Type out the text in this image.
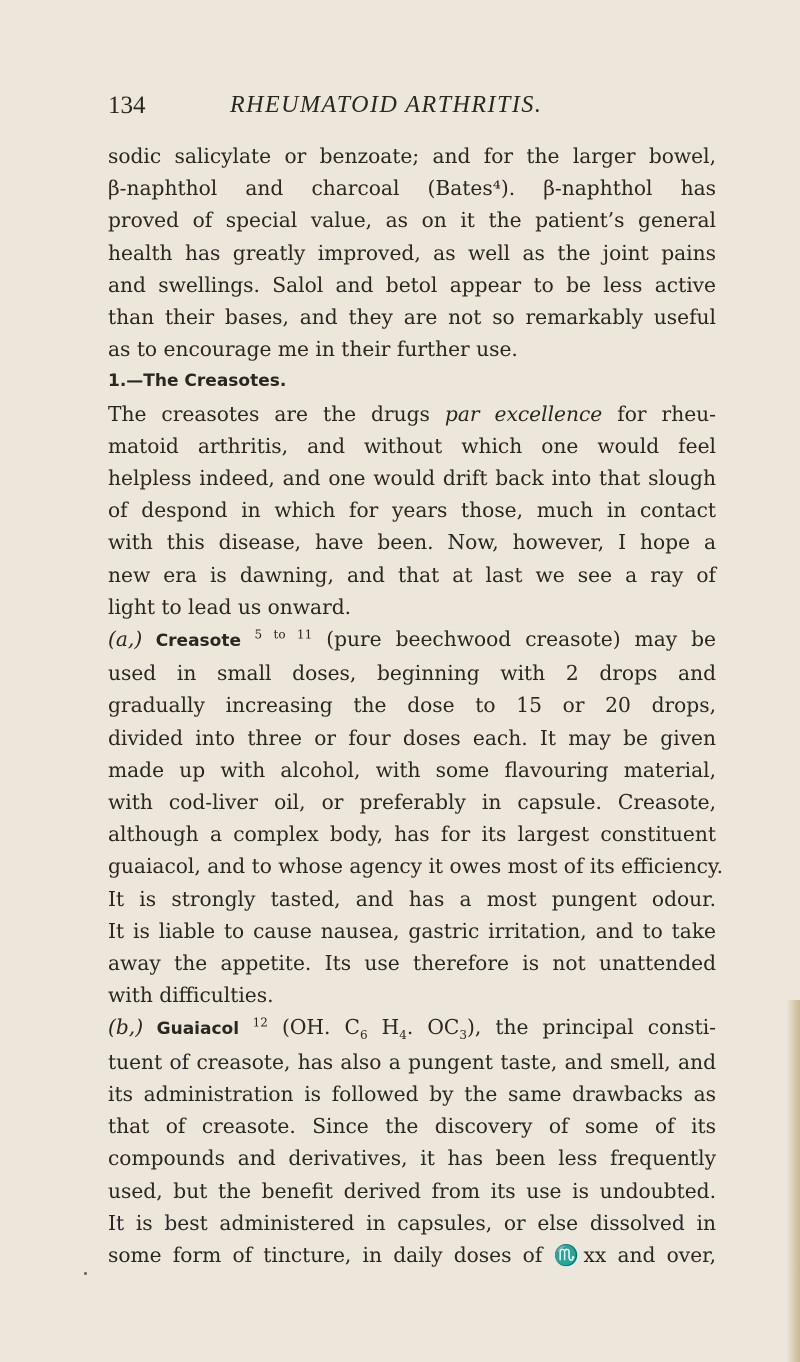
134	RHEUMATOID ARTHRITIS.
sodic salicylate or benzoate; and for the larger bowel,
β-naphthol and charcoal (Bates⁴). β-naphthol has
proved of special value, as on it the patient’s general
health has greatly improved, as well as the joint pains
and swellings. Salol and betol appear to be less active
than their bases, and they are not so remarkably useful
as to encourage me in their further use.
1.—The Creasotes.
The creasotes are the drugs par excellence for rheu-
matoid arthritis, and without which one would feel
helpless indeed, and one would drift back into that slough
of despond in which for years those, much in contact
with this disease, have been. Now, however, I hope a
new era is dawning, and that at last we see a ray of
light to lead us onward.
(a,) Creasote $^{5 to 11}$ (pure beechwood creasote) may be
used in small doses, beginning with 2 drops and
gradually increasing the dose to 15 or 20 drops,
divided into three or four doses each. It may be given
made up with alcohol, with some flavouring material,
with cod-liver oil, or preferably in capsule. Creasote,
although a complex body, has for its largest constituent
guaiacol, and to whose agency it owes most of its efficiency.
It is strongly tasted, and has a most pungent odour.
It is liable to cause nausea, gastric irritation, and to take
away the appetite. Its use therefore is not unattended
with difficulties.
(b,) Guaiacol $^{12}$ (OH. $C_6$ $H_4$. $OC_3$), the principal consti-
tuent of creasote, has also a pungent taste, and smell, and
its administration is followed by the same drawbacks as
that of creasote. Since the discovery of some of its
compounds and derivatives, it has been less frequently
used, but the benefit derived from its use is undoubted.
It is best administered in capsules, or else dissolved in
some form of tincture, in daily doses of ♏xx and over,
